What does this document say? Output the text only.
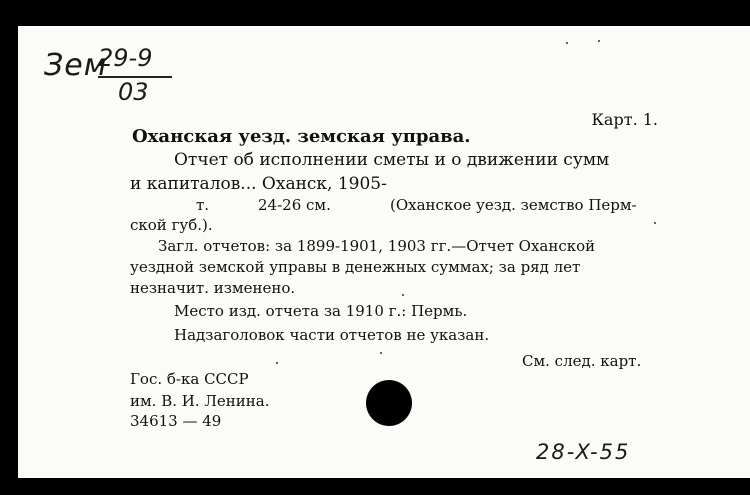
Зем
29-9
03
Карт. 1.
Оханская уезд. земская управа.
Отчет об исполнении сметы и о движении сумм
и капиталов... Оханск, 1905-
т.	24-26 см.	(Оханское уезд. земство Перм-
ской губ.).
Загл. отчетов: за 1899-1901, 1903 гг.—Отчет Оханской
уездной земской управы в денежных суммах; за ряд лет
незначит. изменено.
Место изд. отчета за 1910 г.: Пермь.
Надзаголовок части отчетов не указан.
См. след. карт.
Гос. б-ка СССР
им. В. И. Ленина.
34613 — 49
28-X-55
